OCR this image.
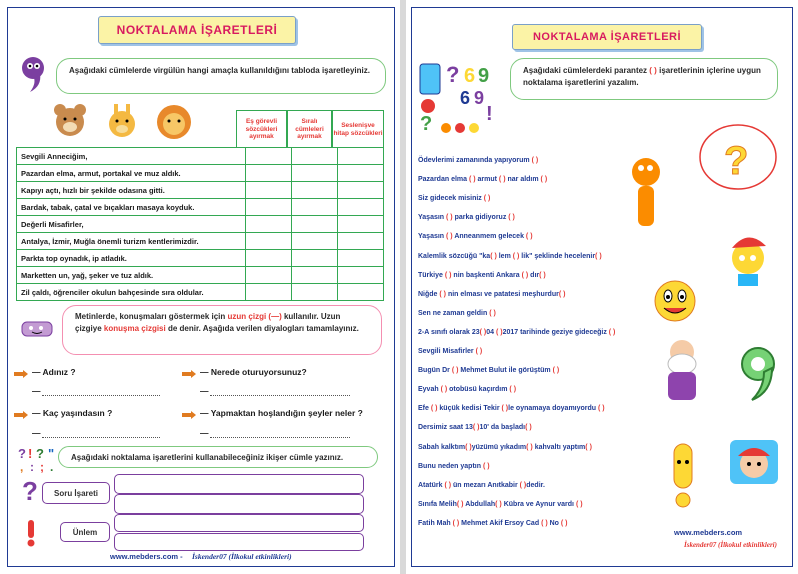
NOKTALAMA İŞARETLERİ
Aşağıdaki cümlelerde virgülün hangi amaçla kullanıldığını tabloda işaretleyiniz.
Eş görevli sözcükleri ayırmak
Sıralı cümleleri ayırmak
Seslenişve hitap sözcükleri
Sevgili Anneciğim,			
Pazardan elma, armut, portakal ve muz aldık.			
Kapıyı açtı, hızlı bir şekilde odasına gitti.			
Bardak, tabak, çatal ve bıçakları masaya koyduk.			
Değerli Misafirler,			
Antalya, İzmir, Muğla önemli turizm kentlerimizdir.			
Parkta top oynadık, ip atladık.			
Marketten un, yağ, şeker ve tuz aldık.			
Zil çaldı, öğrenciler okulun bahçesinde sıra oldular.			
Metinlerde, konuşmaları göstermek için uzun çizgi (—) kullanılır. Uzun çizgiye konuşma çizgisi de denir. Aşağıda verilen diyalogları tamamlayınız.
— Adınız ?
—
— Nerede oturuyorsunuz?
—
— Kaç yaşındasın ?
—
— Yapmaktan hoşlandığın şeyler neler ?
—
? ! ? "
, : ; .
Aşağıdaki noktalama işaretlerini kullanabileceğiniz ikişer cümle yazınız.
? Soru İşareti
Ünlem
www.mebders.com - İskender07 (İlkokul etkinlikleri)
NOKTALAMA İŞARETLERİ
? 6 9
6 9
?	!
Aşağıdaki cümlelerdeki parantez ( ) işaretlerinin içlerine uygun noktalama işaretlerini yazalım.
?
www.mebders.com
İskender07 (İlkokul etkinlikleri)
Ödevlerimi zamanında yapıyorum ( )
Pazardan elma ( ) armut ( ) nar aldım ( )
Siz gidecek misiniz ( )
Yaşasın ( ) parka gidiyoruz ( )
Yaşasın ( ) Anneanmem gelecek ( )
Kalemlik sözcüğü "ka( ) lem ( ) lik" şeklinde hecelenir( )
Türkiye ( ) nin başkenti Ankara ( ) dır( )
Niğde ( ) nin elması ve patatesi meşhurdur( )
Sen ne zaman geldin ( )
2-A sınıfı olarak 23( )04 ( )2017 tarihinde geziye gideceğiz ( )
Sevgili Misafirler ( )
Bugün Dr ( ) Mehmet Bulut ile görüştüm ( )
Eyvah ( ) otobüsü kaçırdım ( )
Efe ( ) küçük kedisi Tekir ( )le oynamaya doyamıyordu ( )
Dersimiz saat 13( )10' da başladı( )
Sabah kalktım( )yüzümü yıkadım( ) kahvaltı yaptım( )
Bunu neden yaptın ( )
Atatürk ( ) ün mezarı Anıtkabir ( )dedir.
Sınıfa Melih( ) Abdullah( ) Kübra ve Aynur vardı ( )
Fatih Mah ( ) Mehmet Akif Ersoy Cad ( ) No ( )
